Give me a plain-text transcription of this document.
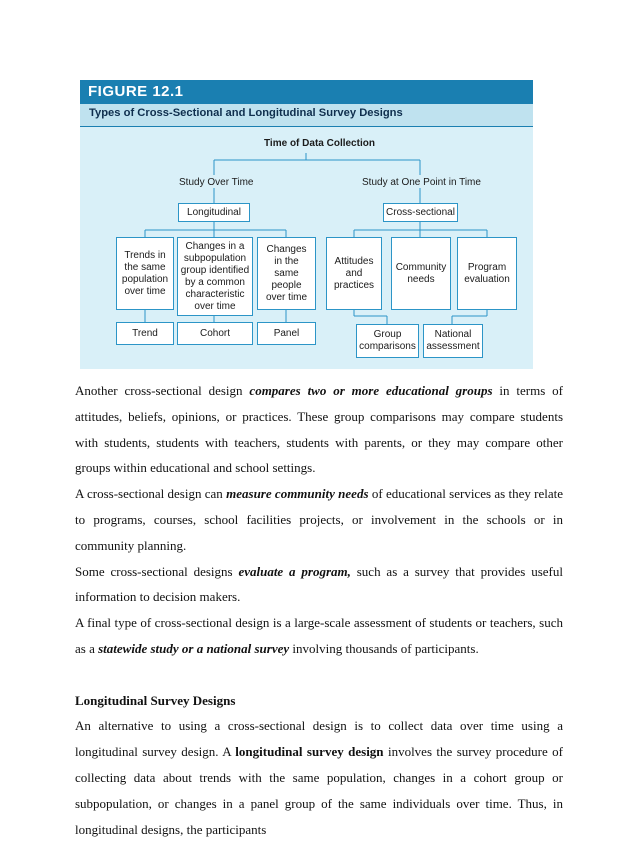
FIGURE 12.1
Types of Cross-Sectional and Longitudinal Survey Designs
Time of Data Collection
Study Over Time	Study at One Point in Time
Longitudinal	Cross-sectional
Trends in
the same
population
over time
Changes in a
subpopulation
group identified
by a common
characteristic
over time
Changes
in the
same
people
over time
Attitudes
and
practices
Community
needs
Program
evaluation
Trend	Cohort	Panel	Group
comparisons
National
assessment

Another cross-sectional design compares two or more educational groups in terms of attitudes, beliefs, opinions, or practices. These group comparisons may compare students with students, students with teachers, students with parents, or they may compare other groups within educational and school settings.

A cross-sectional design can measure community needs of educational services as they relate to programs, courses, school facilities projects, or involvement in the schools or in community planning.

Some cross-sectional designs evaluate a program, such as a survey that provides useful information to decision makers.

A final type of cross-sectional design is a large-scale assessment of students or teachers, such as a statewide study or a national survey involving thousands of participants.

Longitudinal Survey Designs

An alternative to using a cross-sectional design is to collect data over time using a longitudinal survey design. A longitudinal survey design involves the survey procedure of collecting data about trends with the same population, changes in a cohort group or subpopulation, or changes in a panel group of the same individuals over time. Thus, in longitudinal designs, the participants
